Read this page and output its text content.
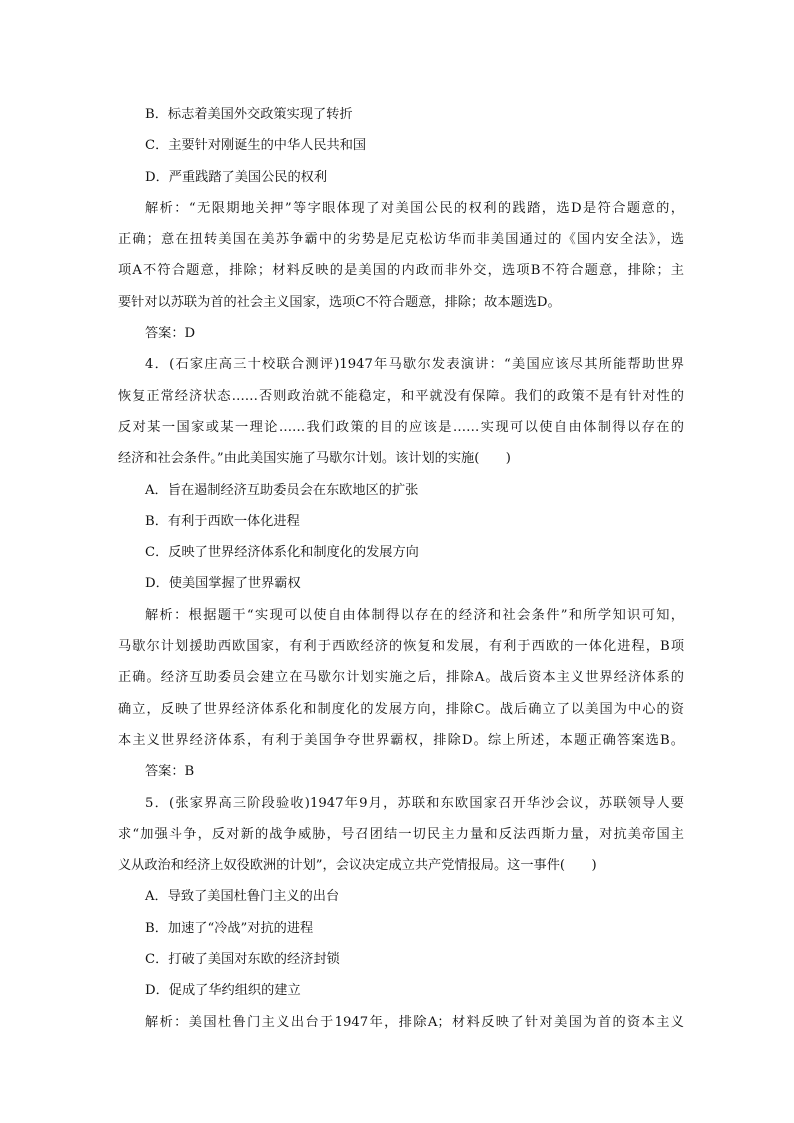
B．标志着美国外交政策实现了转折

C．主要针对刚诞生的中华人民共和国

D．严重践踏了美国公民的权利

解析：“无限期地关押”等字眼体现了对美国公民的权利的践踏，选D是符合题意的，

正确；意在扭转美国在美苏争霸中的劣势是尼克松访华而非美国通过的《国内安全法》，选

项A不符合题意，排除；材料反映的是美国的内政而非外交，选项B不符合题意，排除；主

要针对以苏联为首的社会主义国家，选项C不符合题意，排除；故本题选D。

答案：D

4．(石家庄高三十校联合测评)1947年马歇尔发表演讲：“美国应该尽其所能帮助世界

恢复正常经济状态……否则政治就不能稳定，和平就没有保障。我们的政策不是有针对性的

反对某一国家或某一理论……我们政策的目的应该是……实现可以使自由体制得以存在的

经济和社会条件。”由此美国实施了马歇尔计划。该计划的实施(　　)

A．旨在遏制经济互助委员会在东欧地区的扩张

B．有利于西欧一体化进程

C．反映了世界经济体系化和制度化的发展方向

D．使美国掌握了世界霸权

解析：根据题干“实现可以使自由体制得以存在的经济和社会条件”和所学知识可知，

马歇尔计划援助西欧国家，有利于西欧经济的恢复和发展，有利于西欧的一体化进程，B项

正确。经济互助委员会建立在马歇尔计划实施之后，排除A。战后资本主义世界经济体系的

确立，反映了世界经济体系化和制度化的发展方向，排除C。战后确立了以美国为中心的资

本主义世界经济体系，有利于美国争夺世界霸权，排除D。综上所述，本题正确答案选B。

答案：B

5．(张家界高三阶段验收)1947年9月，苏联和东欧国家召开华沙会议，苏联领导人要

求“加强斗争，反对新的战争威胁，号召团结一切民主力量和反法西斯力量，对抗美帝国主

义从政治和经济上奴役欧洲的计划”，会议决定成立共产党情报局。这一事件(　　)

A．导致了美国杜鲁门主义的出台

B．加速了“冷战”对抗的进程

C．打破了美国对东欧的经济封锁

D．促成了华约组织的建立

解析：美国杜鲁门主义出台于1947年，排除A；材料反映了针对美国为首的资本主义
